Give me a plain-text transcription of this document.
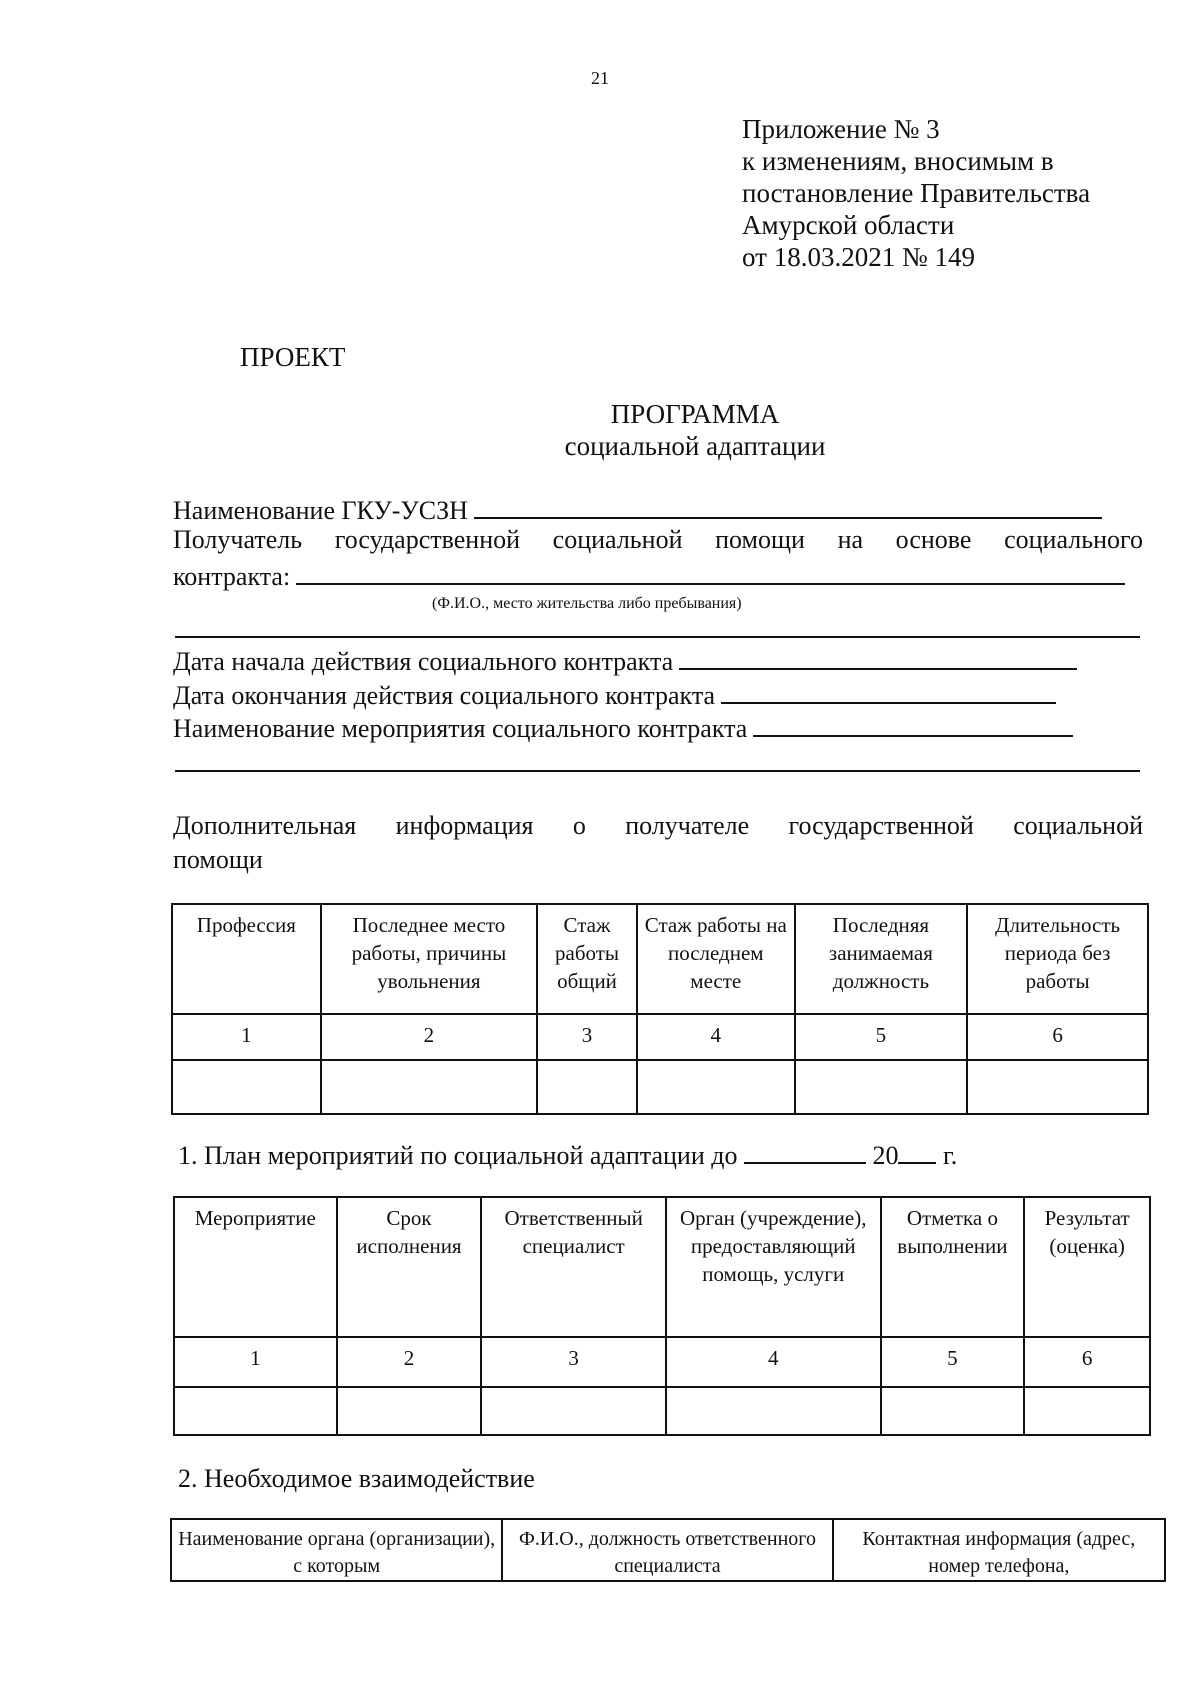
21
Приложение № 3
к изменениям, вносимым в
постановление Правительства
Амурской области
от 18.03.2021 № 149
ПРОЕКТ
ПРОГРАММА
социальной адаптации
Наименование ГКУ-УСЗН
Получатель государственной социальной помощи на основе социального
контракта:
(Ф.И.О., место жительства либо пребывания)
Дата начала действия социального контракта
Дата окончания действия социального контракта
Наименование мероприятия социального контракта
Дополнительная информация о получателе государственной социальной
помощи
Профессия	Последнее место работы, причины увольнения	Стаж работы общий	Стаж работы на последнем месте	Последняя занимаемая должность	Длительность периода без работы
1	2	3	4	5	6

1. План мероприятий по социальной адаптации до	20 г.
Мероприятие	Срок исполнения	Ответственный специалист	Орган (учреждение), предоставляющий помощь, услуги	Отметка о выполнении	Результат (оценка)
1	2	3	4	5	6

2. Необходимое взаимодействие
Наименование органа (организации), с которым	Ф.И.О., должность ответственного специалиста	Контактная информация (адрес, номер телефона,
